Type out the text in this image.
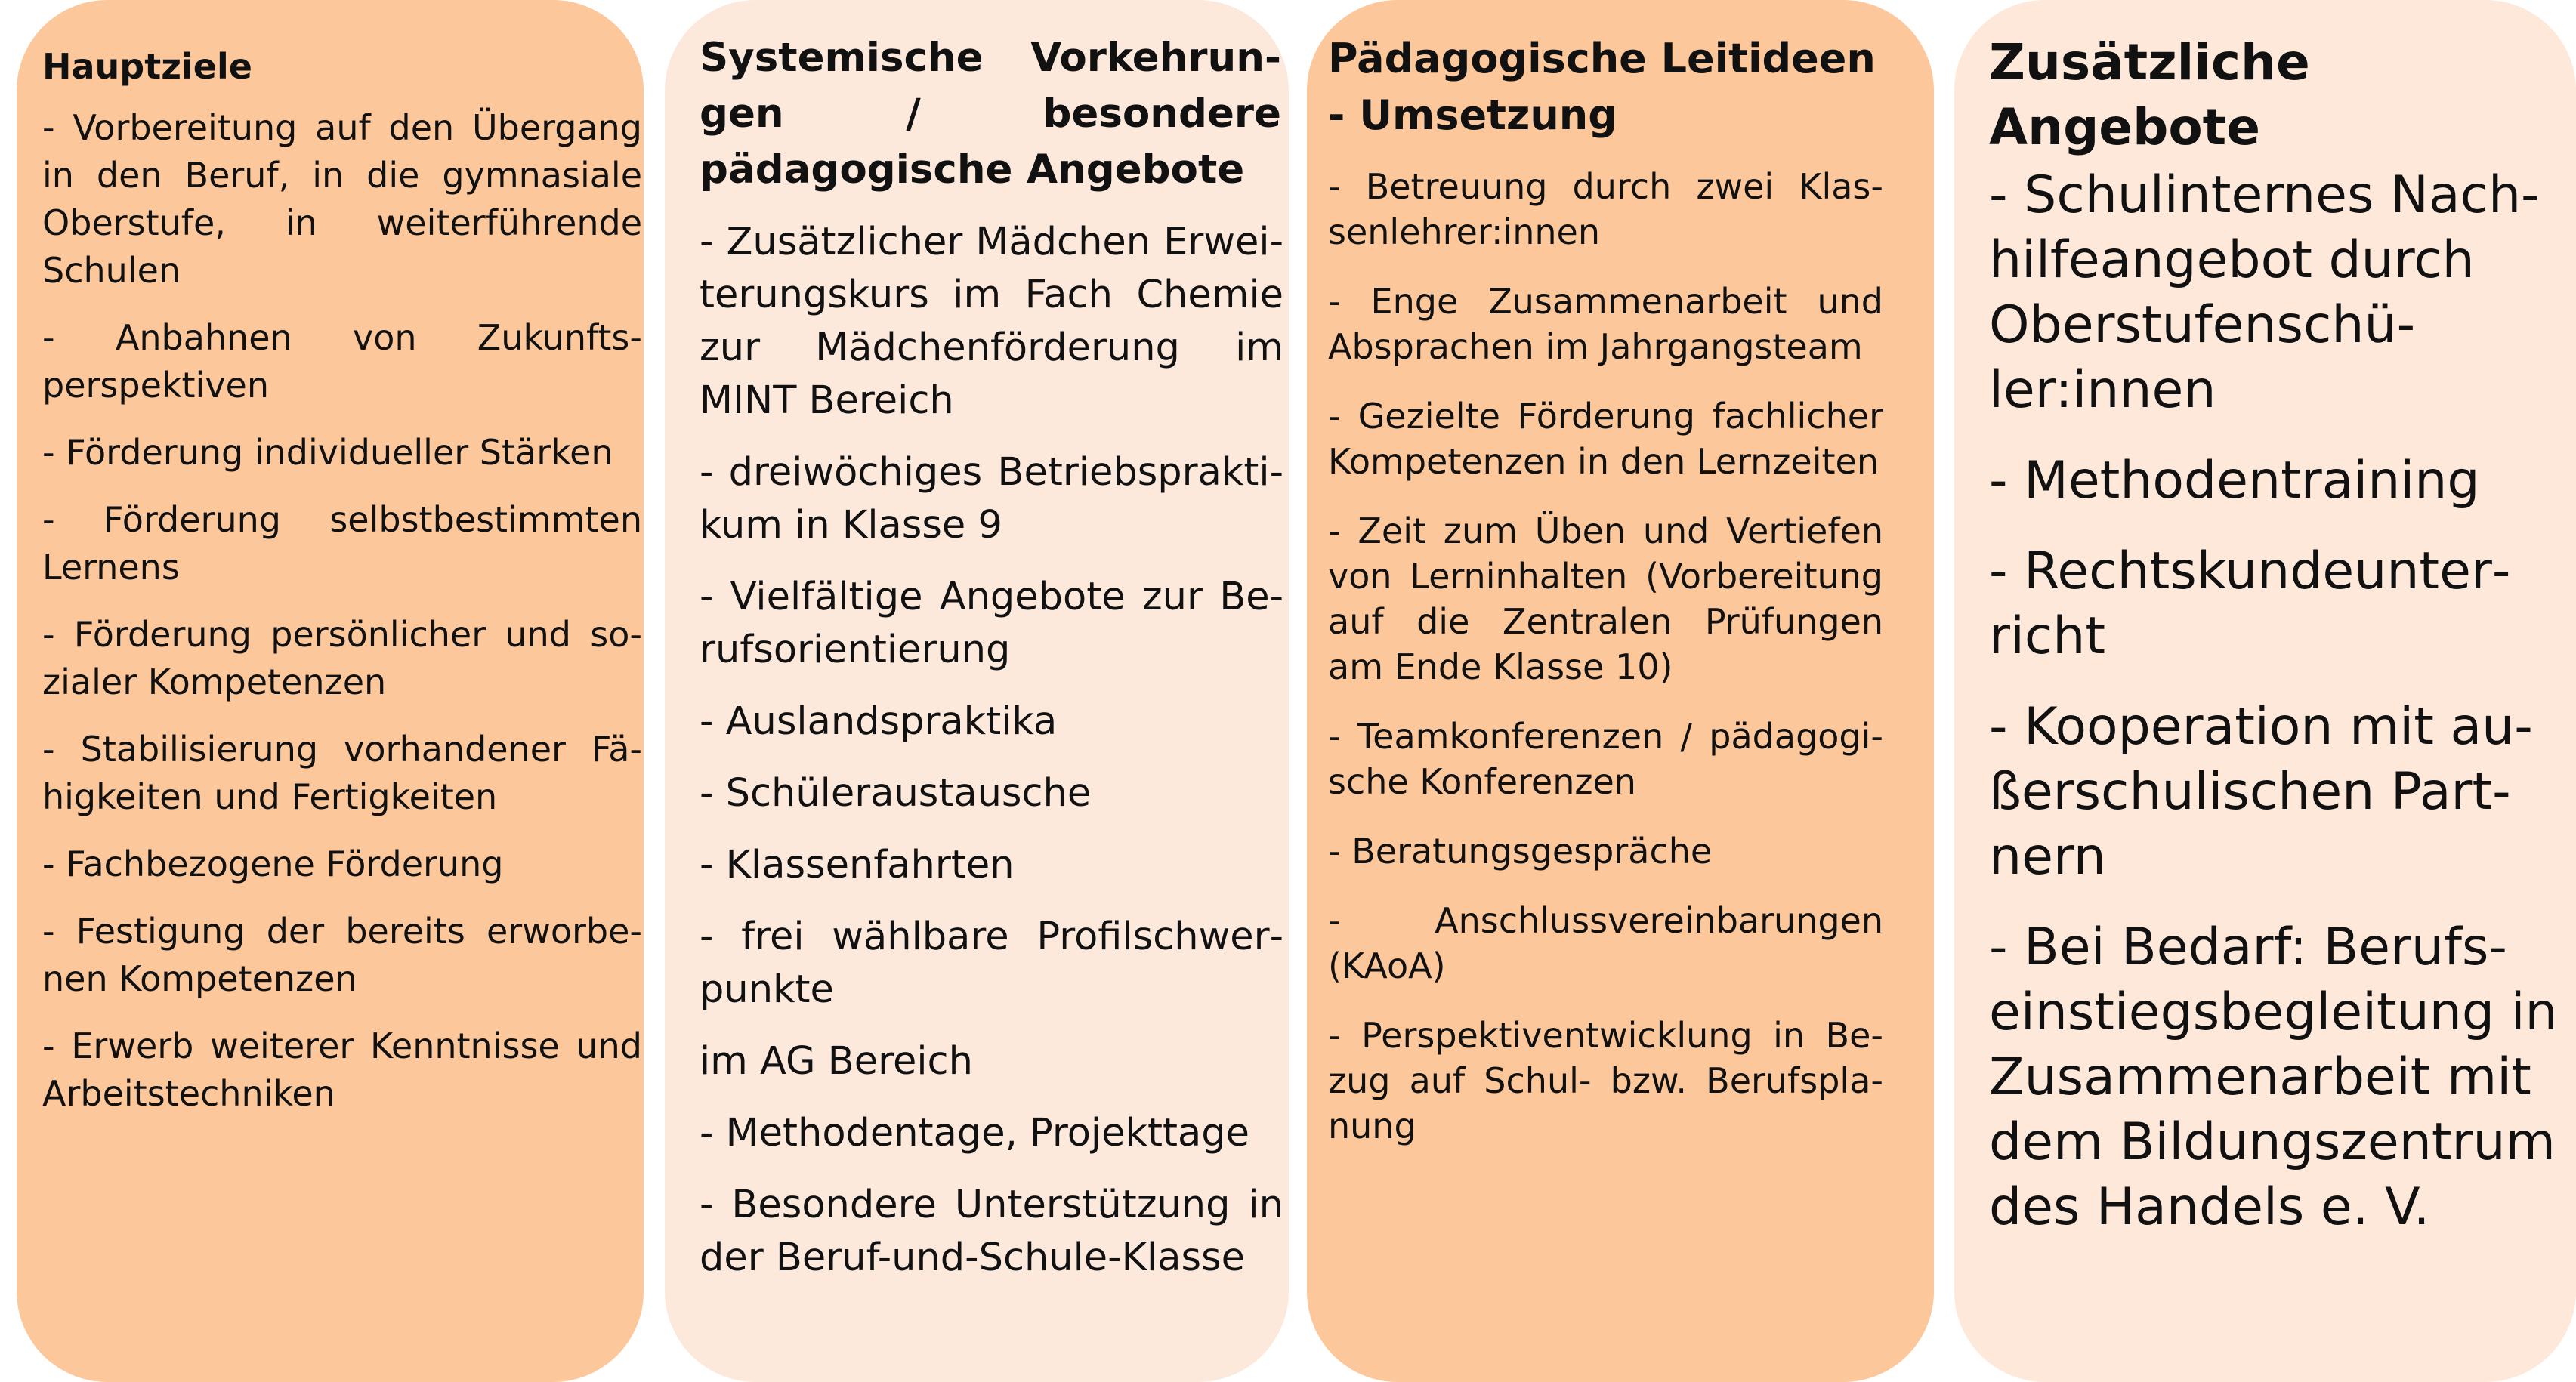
Hauptziele
- Vorbereitung auf den Übergang in den Beruf, in die gymnasiale Oberstufe, in weiterführende Schulen
- Anbahnen von Zukunftsperspektiven
- Förderung individueller Stärken
- Förderung selbstbestimmten Lernens
- Förderung persönlicher und sozialer Kompetenzen
- Stabilisierung vorhandener Fähigkeiten und Fertigkeiten
- Fachbezogene Förderung
- Festigung der bereits erworbenen Kompetenzen
- Erwerb weiterer Kenntnisse und Arbeitstechniken
Systemische Vorkehrungen / besondere pädagogische Angebote
- Zusätzlicher Mädchen Erweiterungskurs im Fach Chemie zur Mädchenförderung im MINT Bereich
- dreiwöchiges Betriebspraktikum in Klasse 9
- Vielfältige Angebote zur Berufsorientierung
- Auslandspraktika
- Schüleraustausche
- Klassenfahrten
- frei wählbare Profilschwerpunkte
im AG Bereich
- Methodentage, Projekttage
- Besondere Unterstützung in der Beruf-und-Schule-Klasse
Pädagogische Leitideen - Umsetzung
- Betreuung durch zwei Klassenlehrer:innen
- Enge Zusammenarbeit und Absprachen im Jahrgangsteam
- Gezielte Förderung fachlicher Kompetenzen in den Lernzeiten
- Zeit zum Üben und Vertiefen von Lerninhalten (Vorbereitung auf die Zentralen Prüfungen am Ende Klasse 10)
- Teamkonferenzen / pädagogische Konferenzen
- Beratungsgespräche
- Anschlussvereinbarungen (KAoA)
- Perspektiventwicklung in Bezug auf Schul- bzw. Berufsplanung
Zusätzliche Angebote
- Schulinternes Nachhilfeangebot durch Oberstufenschüler:innen
- Methodentraining
- Rechtskundeunterricht
- Kooperation mit außerschulischen Partnern
- Bei Bedarf: Berufseinstiegsbegleitung in Zusammenarbeit mit dem Bildungszentrum des Handels e. V.
